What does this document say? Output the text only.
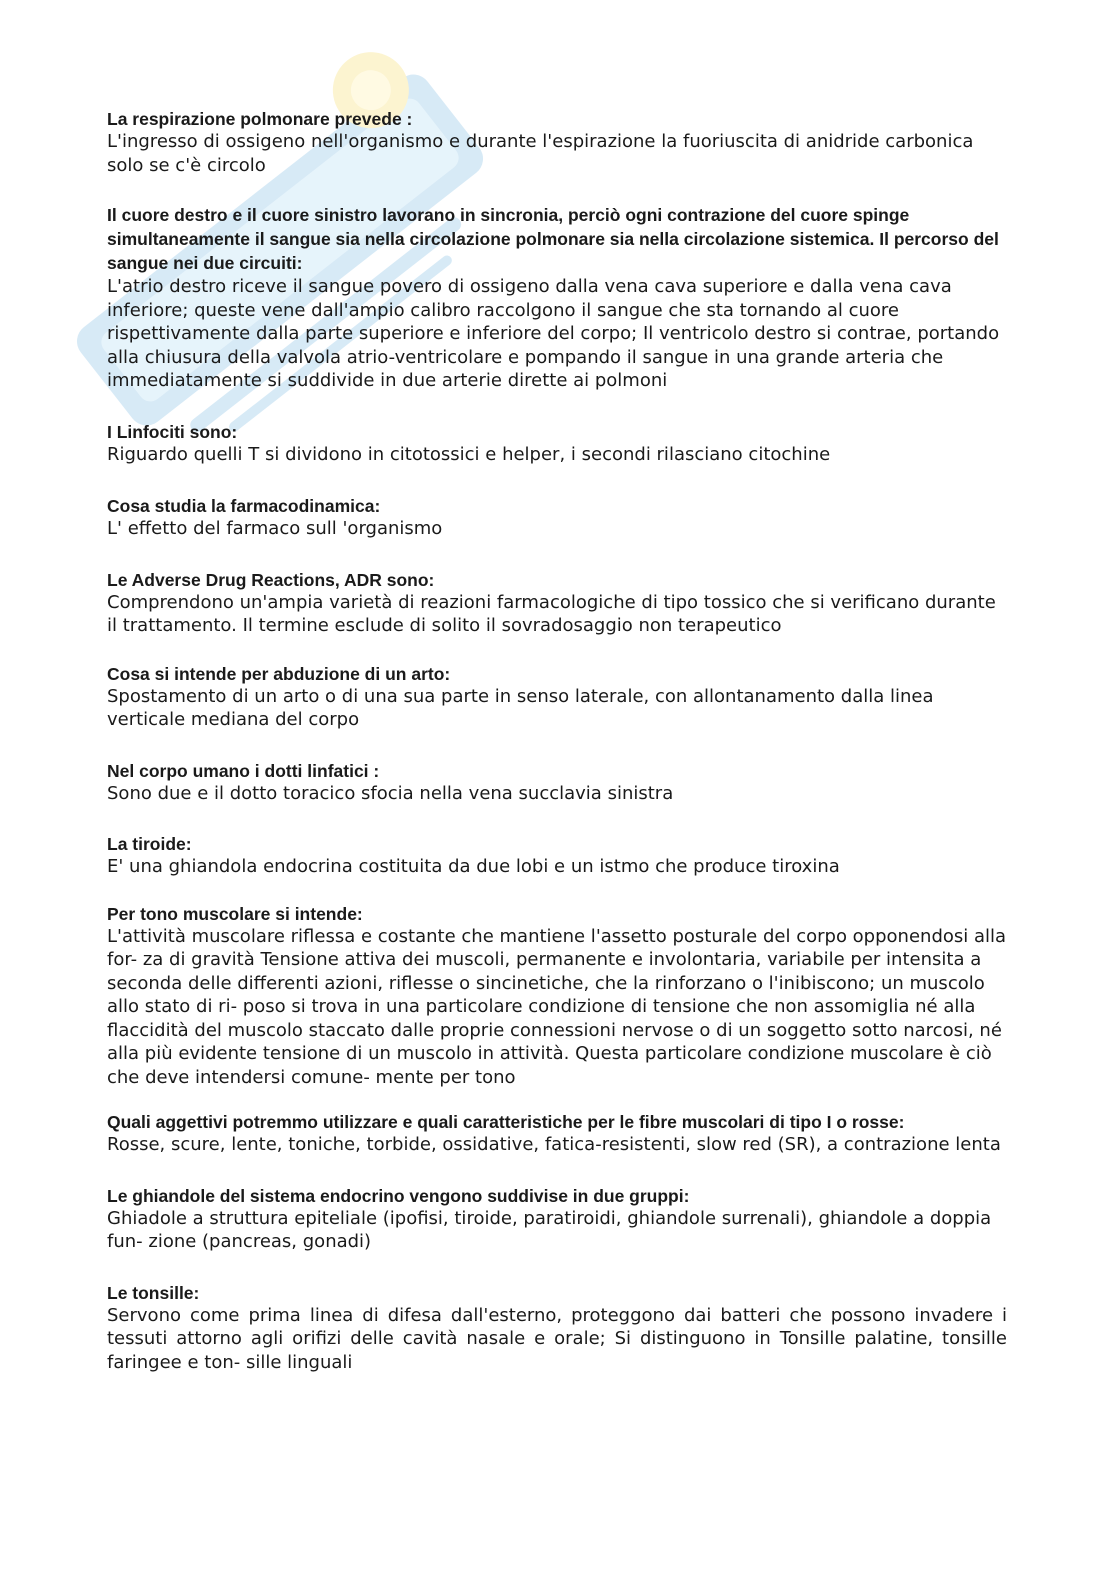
La respirazione polmonare prevede :

L'ingresso di ossigeno nell'organismo e durante l'espirazione la fuoriuscita di anidride carbonica solo se c'è circolo

Il cuore destro e il cuore sinistro lavorano in sincronia, perciò ogni contrazione del cuore spinge simultaneamente il sangue sia nella circolazione polmonare sia nella circolazione sistemica. Il percorso del sangue nei due circuiti:

L'atrio destro riceve il sangue povero di ossigeno dalla vena cava superiore e dalla vena cava inferiore; queste vene dall'ampio calibro raccolgono il sangue che sta tornando al cuore rispettivamente dalla parte superiore e inferiore del corpo; Il ventricolo destro si contrae, portando alla chiusura della valvola atrio-ventricolare e pompando il sangue in una grande arteria che immediatamente si suddivide in due arterie dirette ai polmoni

I Linfociti sono:

Riguardo quelli T si dividono in citotossici e helper, i secondi rilasciano citochine

Cosa studia la farmacodinamica:

L' effetto del farmaco sull 'organismo

Le Adverse Drug Reactions, ADR sono:

Comprendono un'ampia varietà di reazioni farmacologiche di tipo tossico che si verificano durante il trattamento. Il termine esclude di solito il sovradosaggio non terapeutico

Cosa si intende per abduzione di un arto:

Spostamento di un arto o di una sua parte in senso laterale, con allontanamento dalla linea verticale mediana del corpo

Nel corpo umano i dotti linfatici :

Sono due e il dotto toracico sfocia nella vena succlavia sinistra

La tiroide:

E' una ghiandola endocrina costituita da due lobi e un istmo che produce tiroxina

Per tono muscolare si intende:

L'attività muscolare riflessa e costante che mantiene l'assetto posturale del corpo opponendosi alla for- za di gravità Tensione attiva dei muscoli, permanente e involontaria, variabile per intensita a seconda delle differenti azioni, riflesse o sincinetiche, che la rinforzano o l'inibiscono; un muscolo allo stato di ri- poso si trova in una particolare condizione di tensione che non assomiglia né alla flaccidità del muscolo staccato dalle proprie connessioni nervose o di un soggetto sotto narcosi, né alla più evidente tensione di un muscolo in attività. Questa particolare condizione muscolare è ciò che deve intendersi comune- mente per tono

Quali aggettivi potremmo utilizzare e quali caratteristiche per le fibre muscolari di tipo I o rosse:

Rosse, scure, lente, toniche, torbide, ossidative, fatica-resistenti, slow red (SR), a contrazione lenta

Le ghiandole del sistema endocrino vengono suddivise in due gruppi:

Ghiadole a struttura epiteliale (ipofisi, tiroide, paratiroidi, ghiandole surrenali), ghiandole a doppia fun- zione (pancreas, gonadi)

Le tonsille:

Servono come prima linea di difesa dall'esterno, proteggono dai batteri che possono invadere i tessuti attorno agli orifizi delle cavità nasale e orale; Si distinguono in Tonsille palatine, tonsille faringee e ton- sille linguali
